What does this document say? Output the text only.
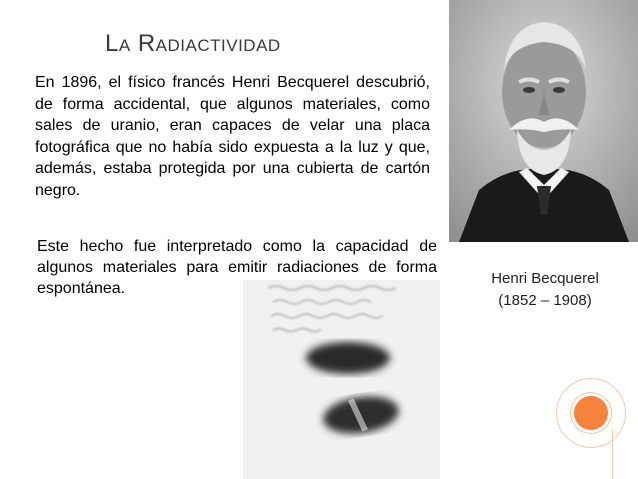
La Radiactividad
En 1896, el físico francés Henri Becquerel descubrió, de forma accidental, que algunos materiales, como sales de uranio, eran capaces de velar una placa fotográfica que no había sido expuesta a la luz y que, además, estaba protegida por una cubierta de cartón negro.
Este hecho fue interpretado como la capacidad de algunos materiales para emitir radiaciones de forma espontánea.
Henri Becquerel
(1852 – 1908)
